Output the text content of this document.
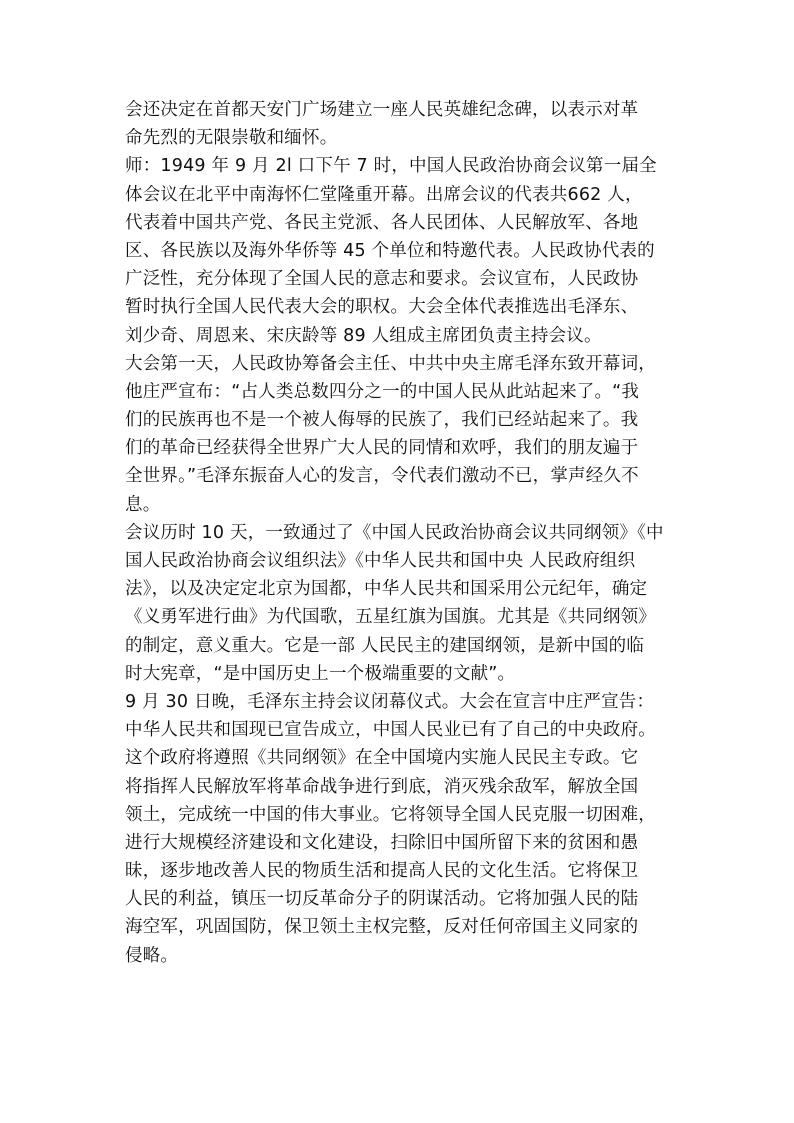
会还决定在首都天安门广场建立一座人民英雄纪念碑，以表示对革
命先烈的无限崇敬和缅怀。
师：1949 年 9 月 2l 口下午 7 时，中国人民政治协商会议第一届全
体会议在北平中南海怀仁堂隆重开幕。出席会议的代表共662 人，
代表着中国共产党、各民主党派、各人民团体、人民解放军、各地
区、各民族以及海外华侨等 45 个单位和特邀代表。人民政协代表的
广泛性，充分体现了全国人民的意志和要求。会议宣布，人民政协
暂时执行全国人民代表大会的职权。大会全体代表推选出毛泽东、
刘少奇、周恩来、宋庆龄等 89 人组成主席团负责主持会议。
大会第一天，人民政协筹备会主任、中共中央主席毛泽东致开幕词，
他庄严宣布：“占人类总数四分之一的中国人民从此站起来了。“我
们的民族再也不是一个被人侮辱的民族了，我们已经站起来了。我
们的革命已经获得全世界广大人民的同情和欢呼，我们的朋友遍于
全世界。”毛泽东振奋人心的发言，令代表们激动不已，掌声经久不
息。
会议历时 10 天，一致通过了《中国人民政治协商会议共同纲领》《中
国人民政治协商会议组织法》《中华人民共和国中央 人民政府组织
法》，以及决定定北京为国都，中华人民共和国采用公元纪年，确定
《义勇军进行曲》为代国歌，五星红旗为国旗。尤其是《共同纲领》
的制定，意义重大。它是一部 人民民主的建国纲领，是新中国的临
时大宪章，“是中国历史上一个极端重要的文献”。
9 月 30 日晚，毛泽东主持会议闭幕仪式。大会在宣言中庄严宣告：
中华人民共和国现已宣告成立，中国人民业已有了自己的中央政府。
这个政府将遵照《共同纲领》在全中国境内实施人民民主专政。它
将指挥人民解放军将革命战争进行到底，消灭残余敌军，解放全国
领土，完成统一中国的伟大事业。它将领导全国人民克服一切困难，
进行大规模经济建设和文化建设，扫除旧中国所留下来的贫困和愚
昧，逐步地改善人民的物质生活和提高人民的文化生活。它将保卫
人民的利益，镇压一切反革命分子的阴谋活动。它将加强人民的陆
海空军，巩固国防，保卫领土主权完整，反对任何帝国主义同家的
侵略。
